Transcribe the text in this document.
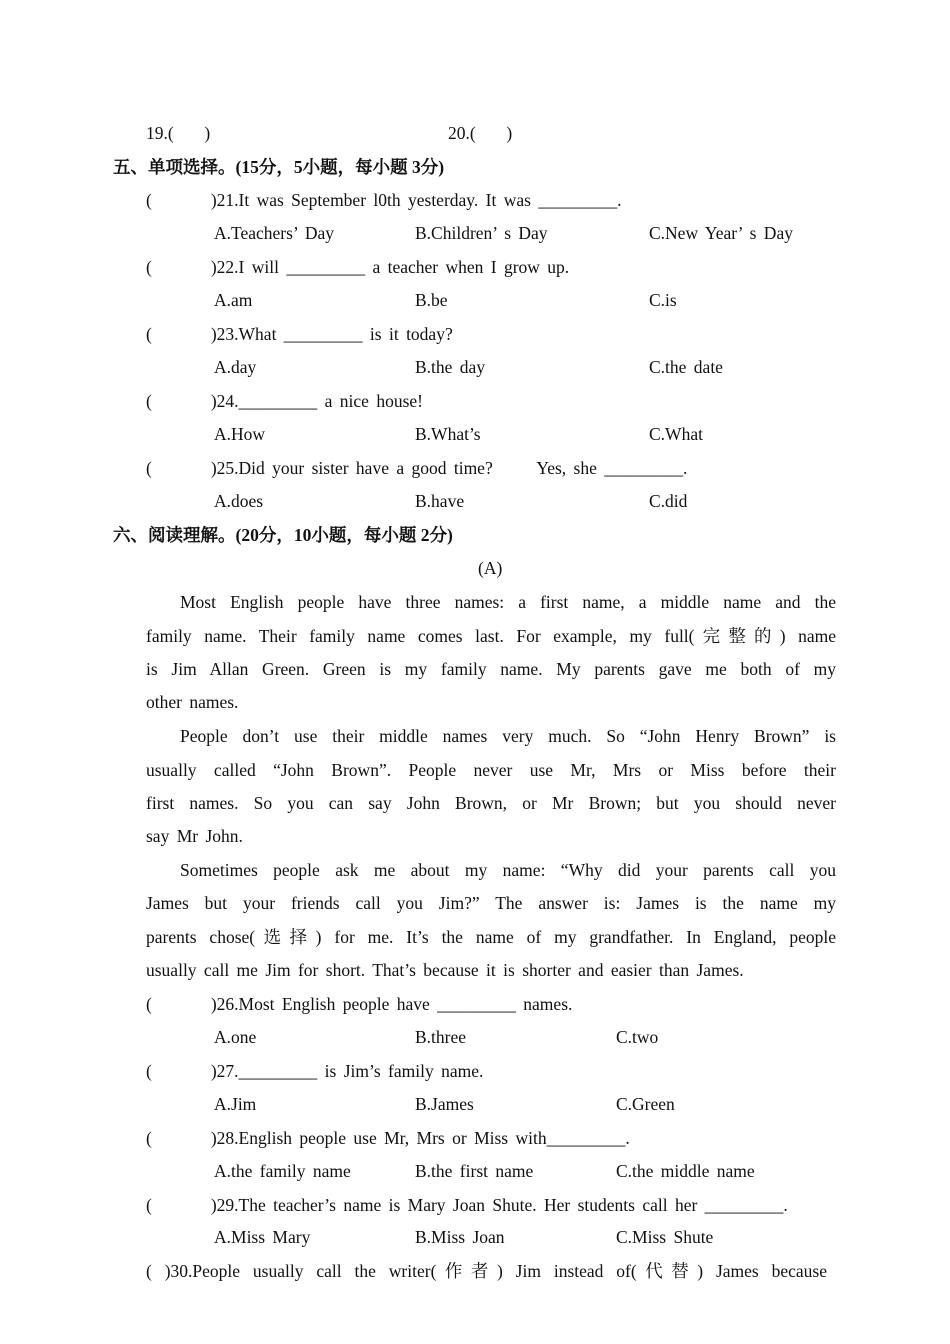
19.(       )	20.(       )
五、单项选择。(15分，5小题，每小题 3分)
(        )21.It was September l0th yesterday. It was _________.
A.Teachers’ Day	B.Children’ s Day	C.New Year’ s Day
(        )22.I will _________ a teacher when I grow up.
A.am	B.be	C.is
(        )23.What _________ is it today?
A.day	B.the day	C.the date
(        )24._________ a nice house!
A.How	B.What’s	C.What
(        )25.Did your sister have a good time?      Yes, she _________.
A.does	B.have	C.did
六、阅读理解。(20分，10小题，每小题 2分)
(A)
Most English people have three names: a first name, a middle name and the
family name. Their family name comes last. For example, my full(完整的) name
is Jim Allan Green. Green is my family name. My parents gave me both of my
other names.
People don’t use their middle names very much. So “John Henry Brown” is
usually called “John Brown”. People never use Mr, Mrs or Miss before their
first names. So you can say John Brown, or Mr Brown; but you should never
say Mr John.
Sometimes people ask me about my name: “Why did your parents call you
James but your friends call you Jim?” The answer is: James is the name my
parents chose(选择) for me. It’s the name of my grandfather. In England, people
usually call me Jim for short. That’s because it is shorter and easier than James.
(        )26.Most English people have _________ names.
A.one	B.three	C.two
(        )27._________ is Jim’s family name.
A.Jim	B.James	C.Green
(        )28.English people use Mr, Mrs or Miss with_________.
A.the family name	B.the first name	C.the middle name
(        )29.The teacher’s name is Mary Joan Shute. Her students call her _________.
A.Miss Mary	B.Miss Joan	C.Miss Shute
( )30.People usually call the writer(作者) Jim instead of(代替) James because
